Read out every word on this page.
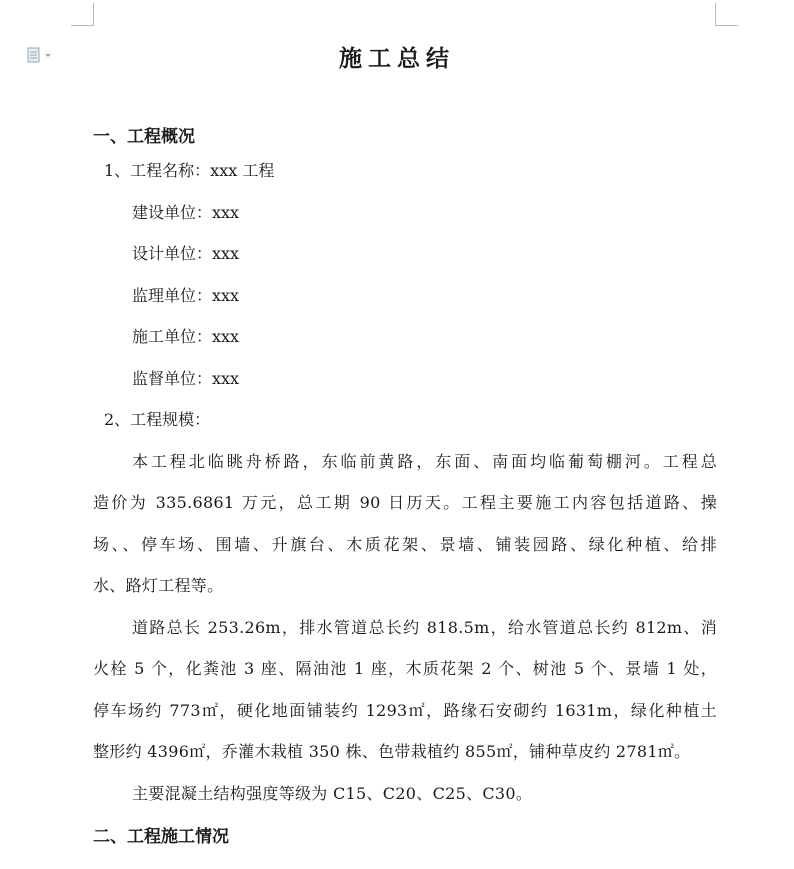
施工总结
一、工程概况
1、工程名称：xxx 工程
建设单位：xxx
设计单位：xxx
监理单位：xxx
施工单位：xxx
监督单位：xxx
2、工程规模：
本工程北临眺舟桥路，东临前黄路，东面、南面均临葡萄棚河。工程总
造价为 335.6861 万元，总工期 90 日历天。工程主要施工内容包括道路、操
场、、停车场、围墙、升旗台、木质花架、景墙、铺装园路、绿化种植、给排
水、路灯工程等。
道路总长 253.26m，排水管道总长约 818.5m，给水管道总长约 812m、消
火栓 5 个，化粪池 3 座、隔油池 1 座，木质花架 2 个、树池 5 个、景墙 1 处，
停车场约 773㎡，硬化地面铺装约 1293㎡，路缘石安砌约 1631m，绿化种植土
整形约 4396㎡，乔灌木栽植 350 株、色带栽植约 855㎡，铺种草皮约 2781㎡。
主要混凝土结构强度等级为 C15、C20、C25、C30。
二、工程施工情况
